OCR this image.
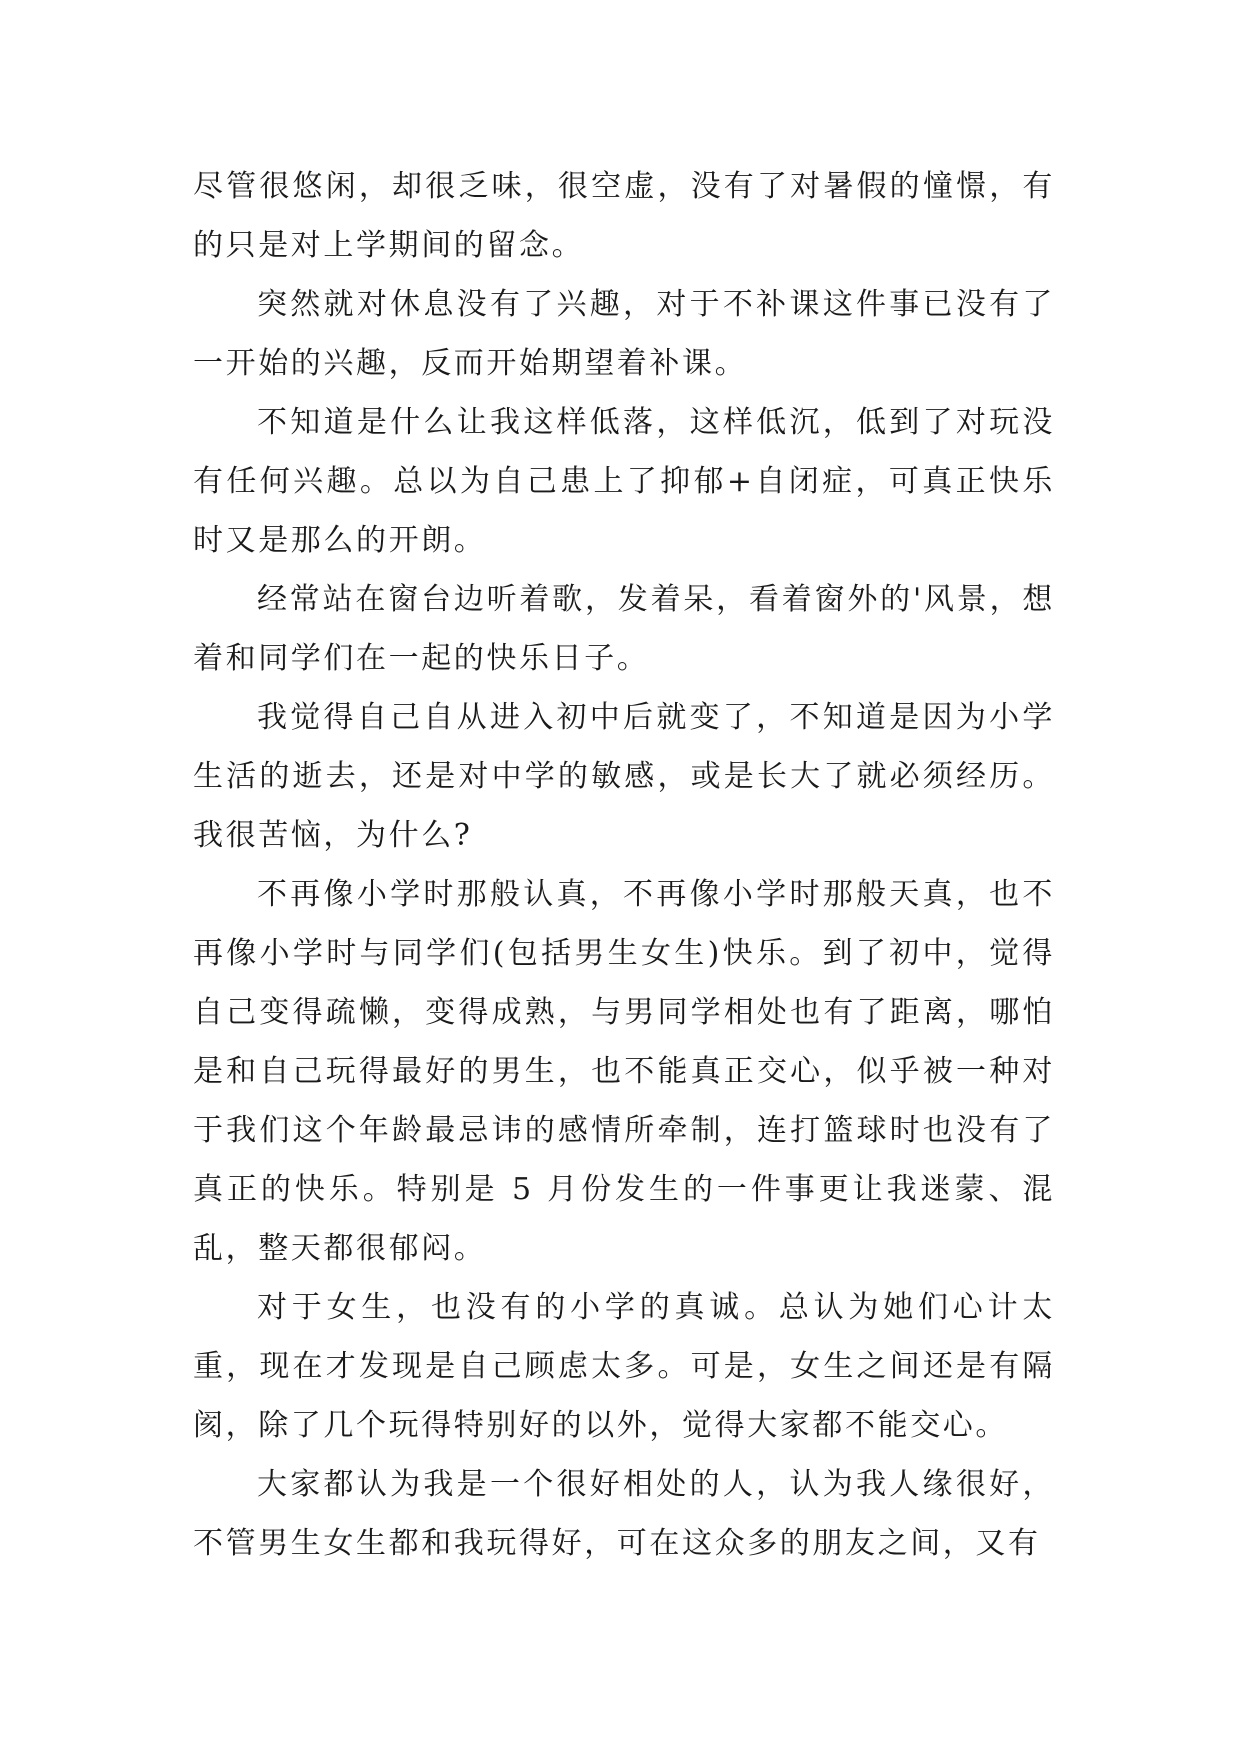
尽管很悠闲，却很乏味，很空虚，没有了对暑假的憧憬，有的只是对上学期间的留念。

突然就对休息没有了兴趣，对于不补课这件事已没有了一开始的兴趣，反而开始期望着补课。

不知道是什么让我这样低落，这样低沉，低到了对玩没有任何兴趣。总以为自己患上了抑郁+自闭症，可真正快乐时又是那么的开朗。

经常站在窗台边听着歌，发着呆，看着窗外的'风景，想着和同学们在一起的快乐日子。

我觉得自己自从进入初中后就变了，不知道是因为小学生活的逝去，还是对中学的敏感，或是长大了就必须经历。我很苦恼，为什么?

不再像小学时那般认真，不再像小学时那般天真，也不再像小学时与同学们(包括男生女生)快乐。到了初中，觉得自己变得疏懒，变得成熟，与男同学相处也有了距离，哪怕是和自己玩得最好的男生，也不能真正交心，似乎被一种对于我们这个年龄最忌讳的感情所牵制，连打篮球时也没有了真正的快乐。特别是 5 月份发生的一件事更让我迷蒙、混乱，整天都很郁闷。

对于女生，也没有的小学的真诚。总认为她们心计太重，现在才发现是自己顾虑太多。可是，女生之间还是有隔阂，除了几个玩得特别好的以外，觉得大家都不能交心。

大家都认为我是一个很好相处的人，认为我人缘很好，不管男生女生都和我玩得好，可在这众多的朋友之间，又有
